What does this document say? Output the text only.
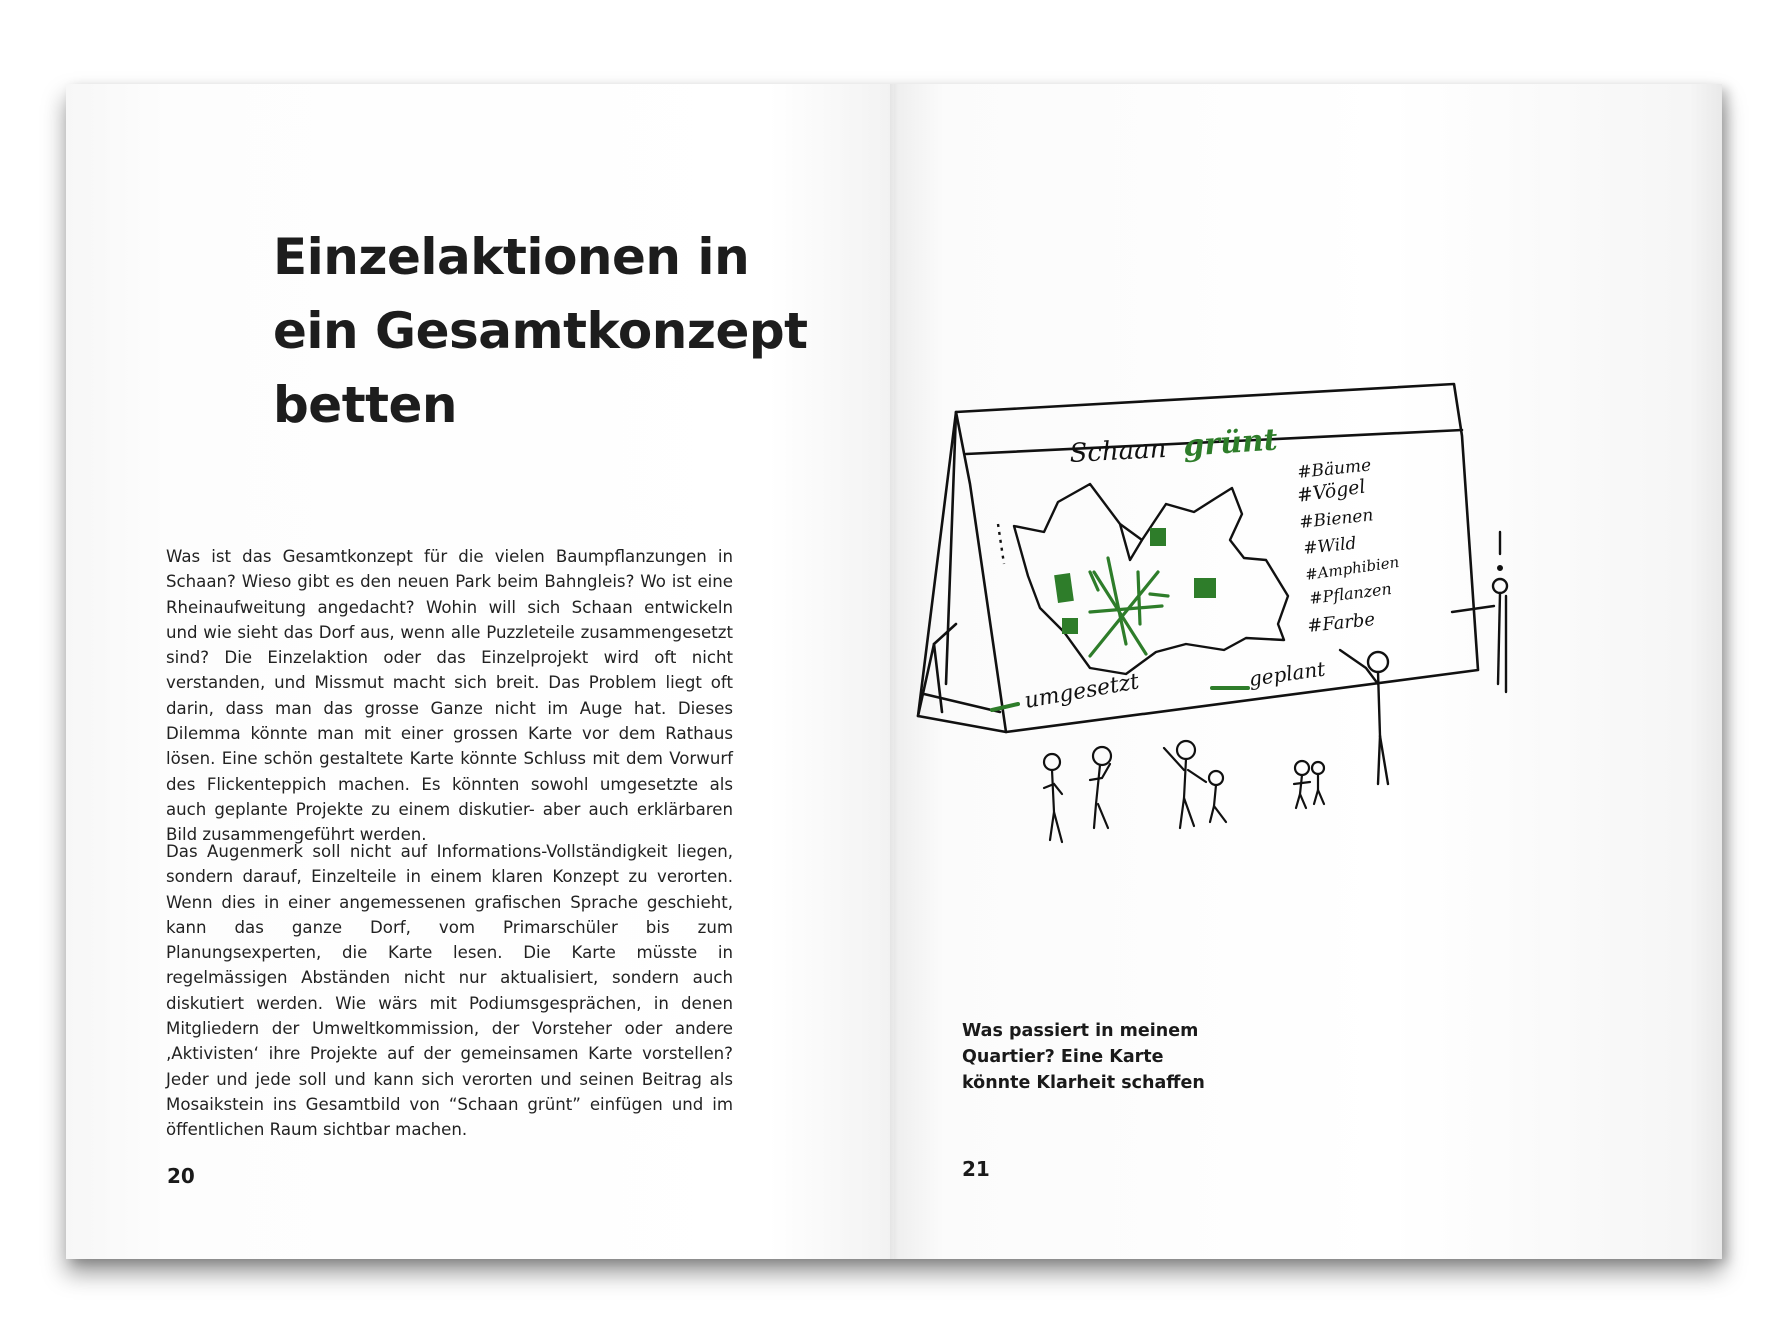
Einzelaktionen in ein Gesamtkonzept betten

Was ist das Gesamtkonzept für die vielen Baumpflanzungen in Schaan? Wieso gibt es den neuen Park beim Bahngleis? Wo ist eine Rheinaufweitung angedacht? Wohin will sich Schaan entwickeln und wie sieht das Dorf aus, wenn alle Puzzleteile zusammengesetzt sind? Die Einzelaktion oder das Einzelprojekt wird oft nicht verstanden, und Missmut macht sich breit. Das Problem liegt oft darin, dass man das grosse Ganze nicht im Auge hat. Dieses Dilemma könnte man mit einer grossen Karte vor dem Rathaus lösen. Eine schön gestaltete Karte könnte Schluss mit dem Vorwurf des Flickenteppich machen. Es könnten sowohl umgesetzte als auch geplante Projekte zu einem diskutier- aber auch erklärbaren Bild zusammengeführt werden.

Das Augenmerk soll nicht auf Informations-Vollständigkeit liegen, sondern darauf, Einzelteile in einem klaren Konzept zu verorten. Wenn dies in einer angemessenen grafischen Sprache geschieht, kann das ganze Dorf, vom Primarschüler bis zum Planungsexperten, die Karte lesen. Die Karte müsste in regelmässigen Abständen nicht nur aktualisiert, sondern auch diskutiert werden. Wie wärs mit Podiumsgesprächen, in denen Mitgliedern der Umweltkommission, der Vorsteher oder andere ‚Aktivisten‘ ihre Projekte auf der gemeinsamen Karte vorstellen? Jeder und jede soll und kann sich verorten und seinen Beitrag als Mosaikstein ins Gesamtbild von “Schaan grünt” einfügen und im öffentlichen Raum sichtbar machen.

20
Schaan grünt
#Bäume
#Vögel
#Bienen
#Wild
#Amphibien
#Pflanzen
#Farbe
umgesetzt	geplant

Was passiert in meinem
Quartier? Eine Karte
könnte Klarheit schaffen

21
